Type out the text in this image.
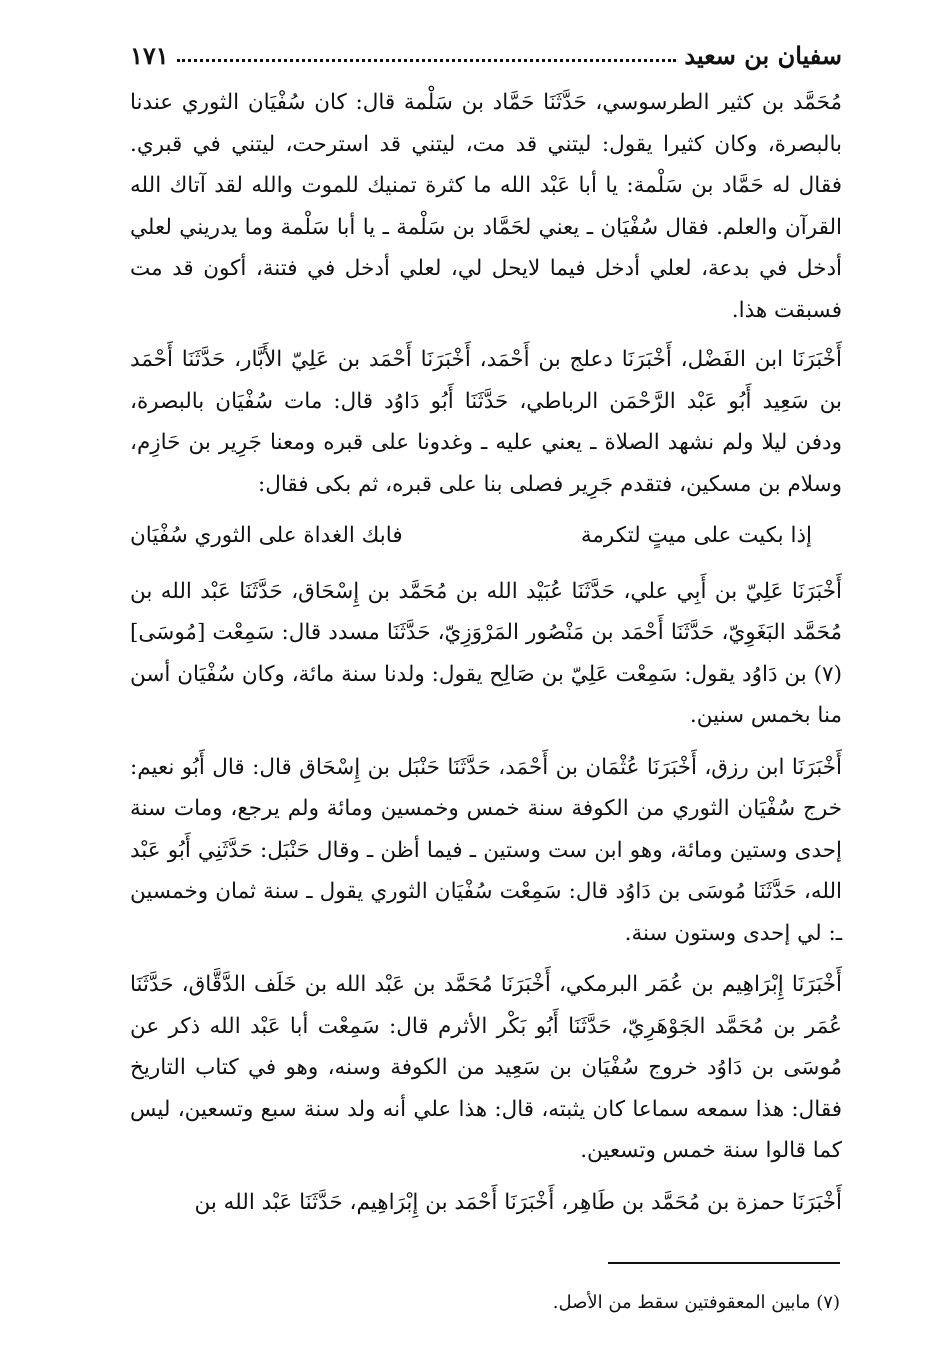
سفيان بن سعيد
١٧١

مُحَمَّد بن كثير الطرسوسي، حَدَّثَنَا حَمَّاد بن سَلْمة قال: كان سُفْيَان الثوري عندنا بالبصرة، وكان كثيرا يقول: ليتني قد مت، ليتني قد استرحت، ليتني في قبري. فقال له حَمَّاد بن سَلْمة: يا أبا عَبْد الله ما كثرة تمنيك للموت والله لقد آتاك الله القرآن والعلم. فقال سُفْيَان ـ يعني لحَمَّاد بن سَلْمة ـ يا أبا سَلْمة وما يدريني لعلي أدخل في بدعة، لعلي أدخل فيما لايحل لي، لعلي أدخل في فتنة، أكون قد مت فسبقت هذا.

أَخْبَرَنَا ابن الفَضْل، أَخْبَرَنَا دعلج بن أَحْمَد، أَخْبَرَنَا أَحْمَد بن عَلِيّ الأَبَّار، حَدَّثَنَا أَحْمَد بن سَعِيد أَبُو عَبْد الرَّحْمَن الرباطي، حَدَّثَنَا أَبُو دَاوُد قال: مات سُفْيَان بالبصرة، ودفن ليلا ولم نشهد الصلاة ـ يعني عليه ـ وغدونا على قبره ومعنا جَرِير بن حَازِم، وسلام بن مسكين، فتقدم جَرِير فصلى بنا على قبره، ثم بكى فقال:

إذا بكيت على ميتٍ لتكرمة
فابك الغداة على الثوري سُفْيَان

أَخْبَرَنَا عَلِيّ بن أَبِي علي، حَدَّثَنَا عُبَيْد الله بن مُحَمَّد بن إِسْحَاق، حَدَّثَنَا عَبْد الله بن مُحَمَّد البَغَوِيّ، حَدَّثَنَا أَحْمَد بن مَنْصُور المَرْوَزِيّ، حَدَّثَنَا مسدد قال: سَمِعْت [مُوسَى](٧) بن دَاوُد يقول: سَمِعْت عَلِيّ بن صَالِح يقول: ولدنا سنة مائة، وكان سُفْيَان أسن منا بخمس سنين.

أَخْبَرَنَا ابن رزق، أَخْبَرَنَا عُثْمَان بن أَحْمَد، حَدَّثَنَا حَنْبَل بن إِسْحَاق قال: قال أَبُو نعيم: خرج سُفْيَان الثوري من الكوفة سنة خمس وخمسين ومائة ولم يرجع، ومات سنة إحدى وستين ومائة، وهو ابن ست وستين ـ فيما أظن ـ وقال حَنْبَل: حَدَّثَنِي أَبُو عَبْد الله، حَدَّثَنَا مُوسَى بن دَاوُد قال: سَمِعْت سُفْيَان الثوري يقول ـ سنة ثمان وخمسين ـ: لي إحدى وستون سنة.

أَخْبَرَنَا إِبْرَاهِيم بن عُمَر البرمكي، أَخْبَرَنَا مُحَمَّد بن عَبْد الله بن خَلَف الدَّقَّاق، حَدَّثَنَا عُمَر بن مُحَمَّد الجَوْهَرِيّ، حَدَّثَنَا أَبُو بَكْر الأثرم قال: سَمِعْت أبا عَبْد الله ذكر عن مُوسَى بن دَاوُد خروج سُفْيَان بن سَعِيد من الكوفة وسنه، وهو في كتاب التاريخ فقال: هذا سمعه سماعا كان يثبته، قال: هذا علي أنه ولد سنة سبع وتسعين، ليس كما قالوا سنة خمس وتسعين.

أَخْبَرَنَا حمزة بن مُحَمَّد بن طَاهِر، أَخْبَرَنَا أَحْمَد بن إِبْرَاهِيم، حَدَّثَنَا عَبْد الله بن

(٧) مابين المعقوفتين سقط من الأصل.
